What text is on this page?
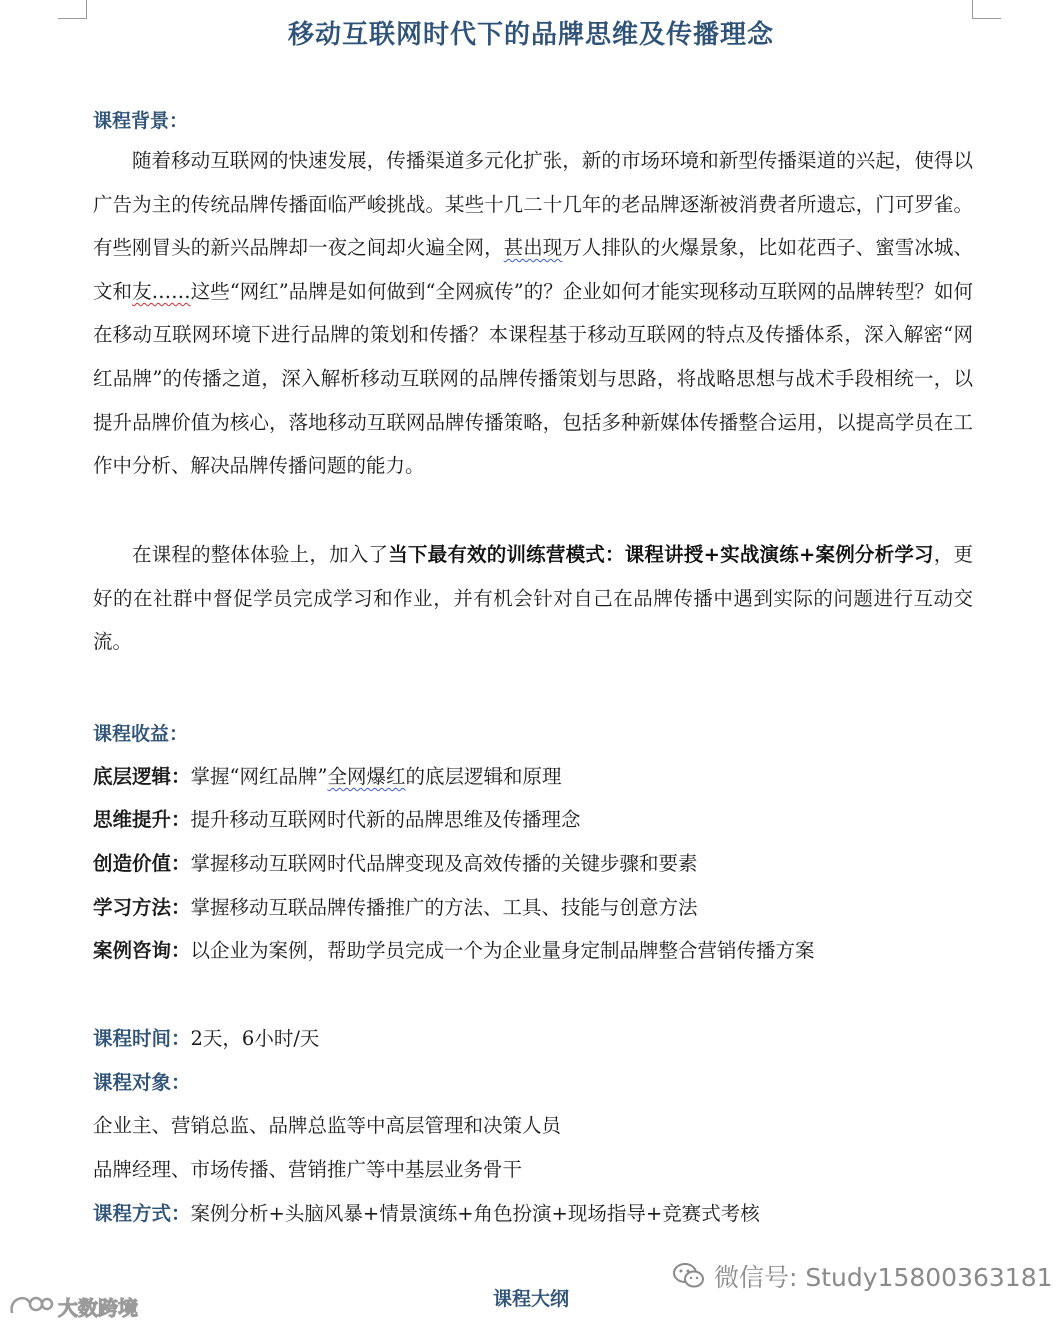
移动互联网时代下的品牌思维及传播理念
课程背景：

随着移动互联网的快速发展，传播渠道多元化扩张，新的市场环境和新型传播渠道的兴起，使得以广告为主的传统品牌传播面临严峻挑战。某些十几二十几年的老品牌逐渐被消费者所遗忘，门可罗雀。有些刚冒头的新兴品牌却一夜之间却火遍全网，甚出现万人排队的火爆景象，比如花西子、蜜雪冰城、文和友……这些“网红”品牌是如何做到“全网疯传”的？企业如何才能实现移动互联网的品牌转型？如何在移动互联网环境下进行品牌的策划和传播？本课程基于移动互联网的特点及传播体系，深入解密“网红品牌”的传播之道，深入解析移动互联网的品牌传播策划与思路，将战略思想与战术手段相统一，以提升品牌价值为核心，落地移动互联网品牌传播策略，包括多种新媒体传播整合运用，以提高学员在工作中分析、解决品牌传播问题的能力。

在课程的整体体验上，加入了当下最有效的训练营模式：课程讲授+实战演练+案例分析学习，更好的在社群中督促学员完成学习和作业，并有机会针对自己在品牌传播中遇到实际的问题进行互动交流。

课程收益：
底层逻辑：掌握“网红品牌”全网爆红的底层逻辑和原理
思维提升：提升移动互联网时代新的品牌思维及传播理念
创造价值：掌握移动互联网时代品牌变现及高效传播的关键步骤和要素
学习方法：掌握移动互联品牌传播推广的方法、工具、技能与创意方法
案例咨询：以企业为案例，帮助学员完成一个为企业量身定制品牌整合营销传播方案
课程时间：2天，6小时/天
课程对象：
企业主、营销总监、品牌总监等中高层管理和决策人员
品牌经理、市场传播、营销推广等中基层业务骨干
课程方式：案例分析+头脑风暴+情景演练+角色扮演+现场指导+竞赛式考核
课程大纲
微信号: Study15800363181
大数跨境
